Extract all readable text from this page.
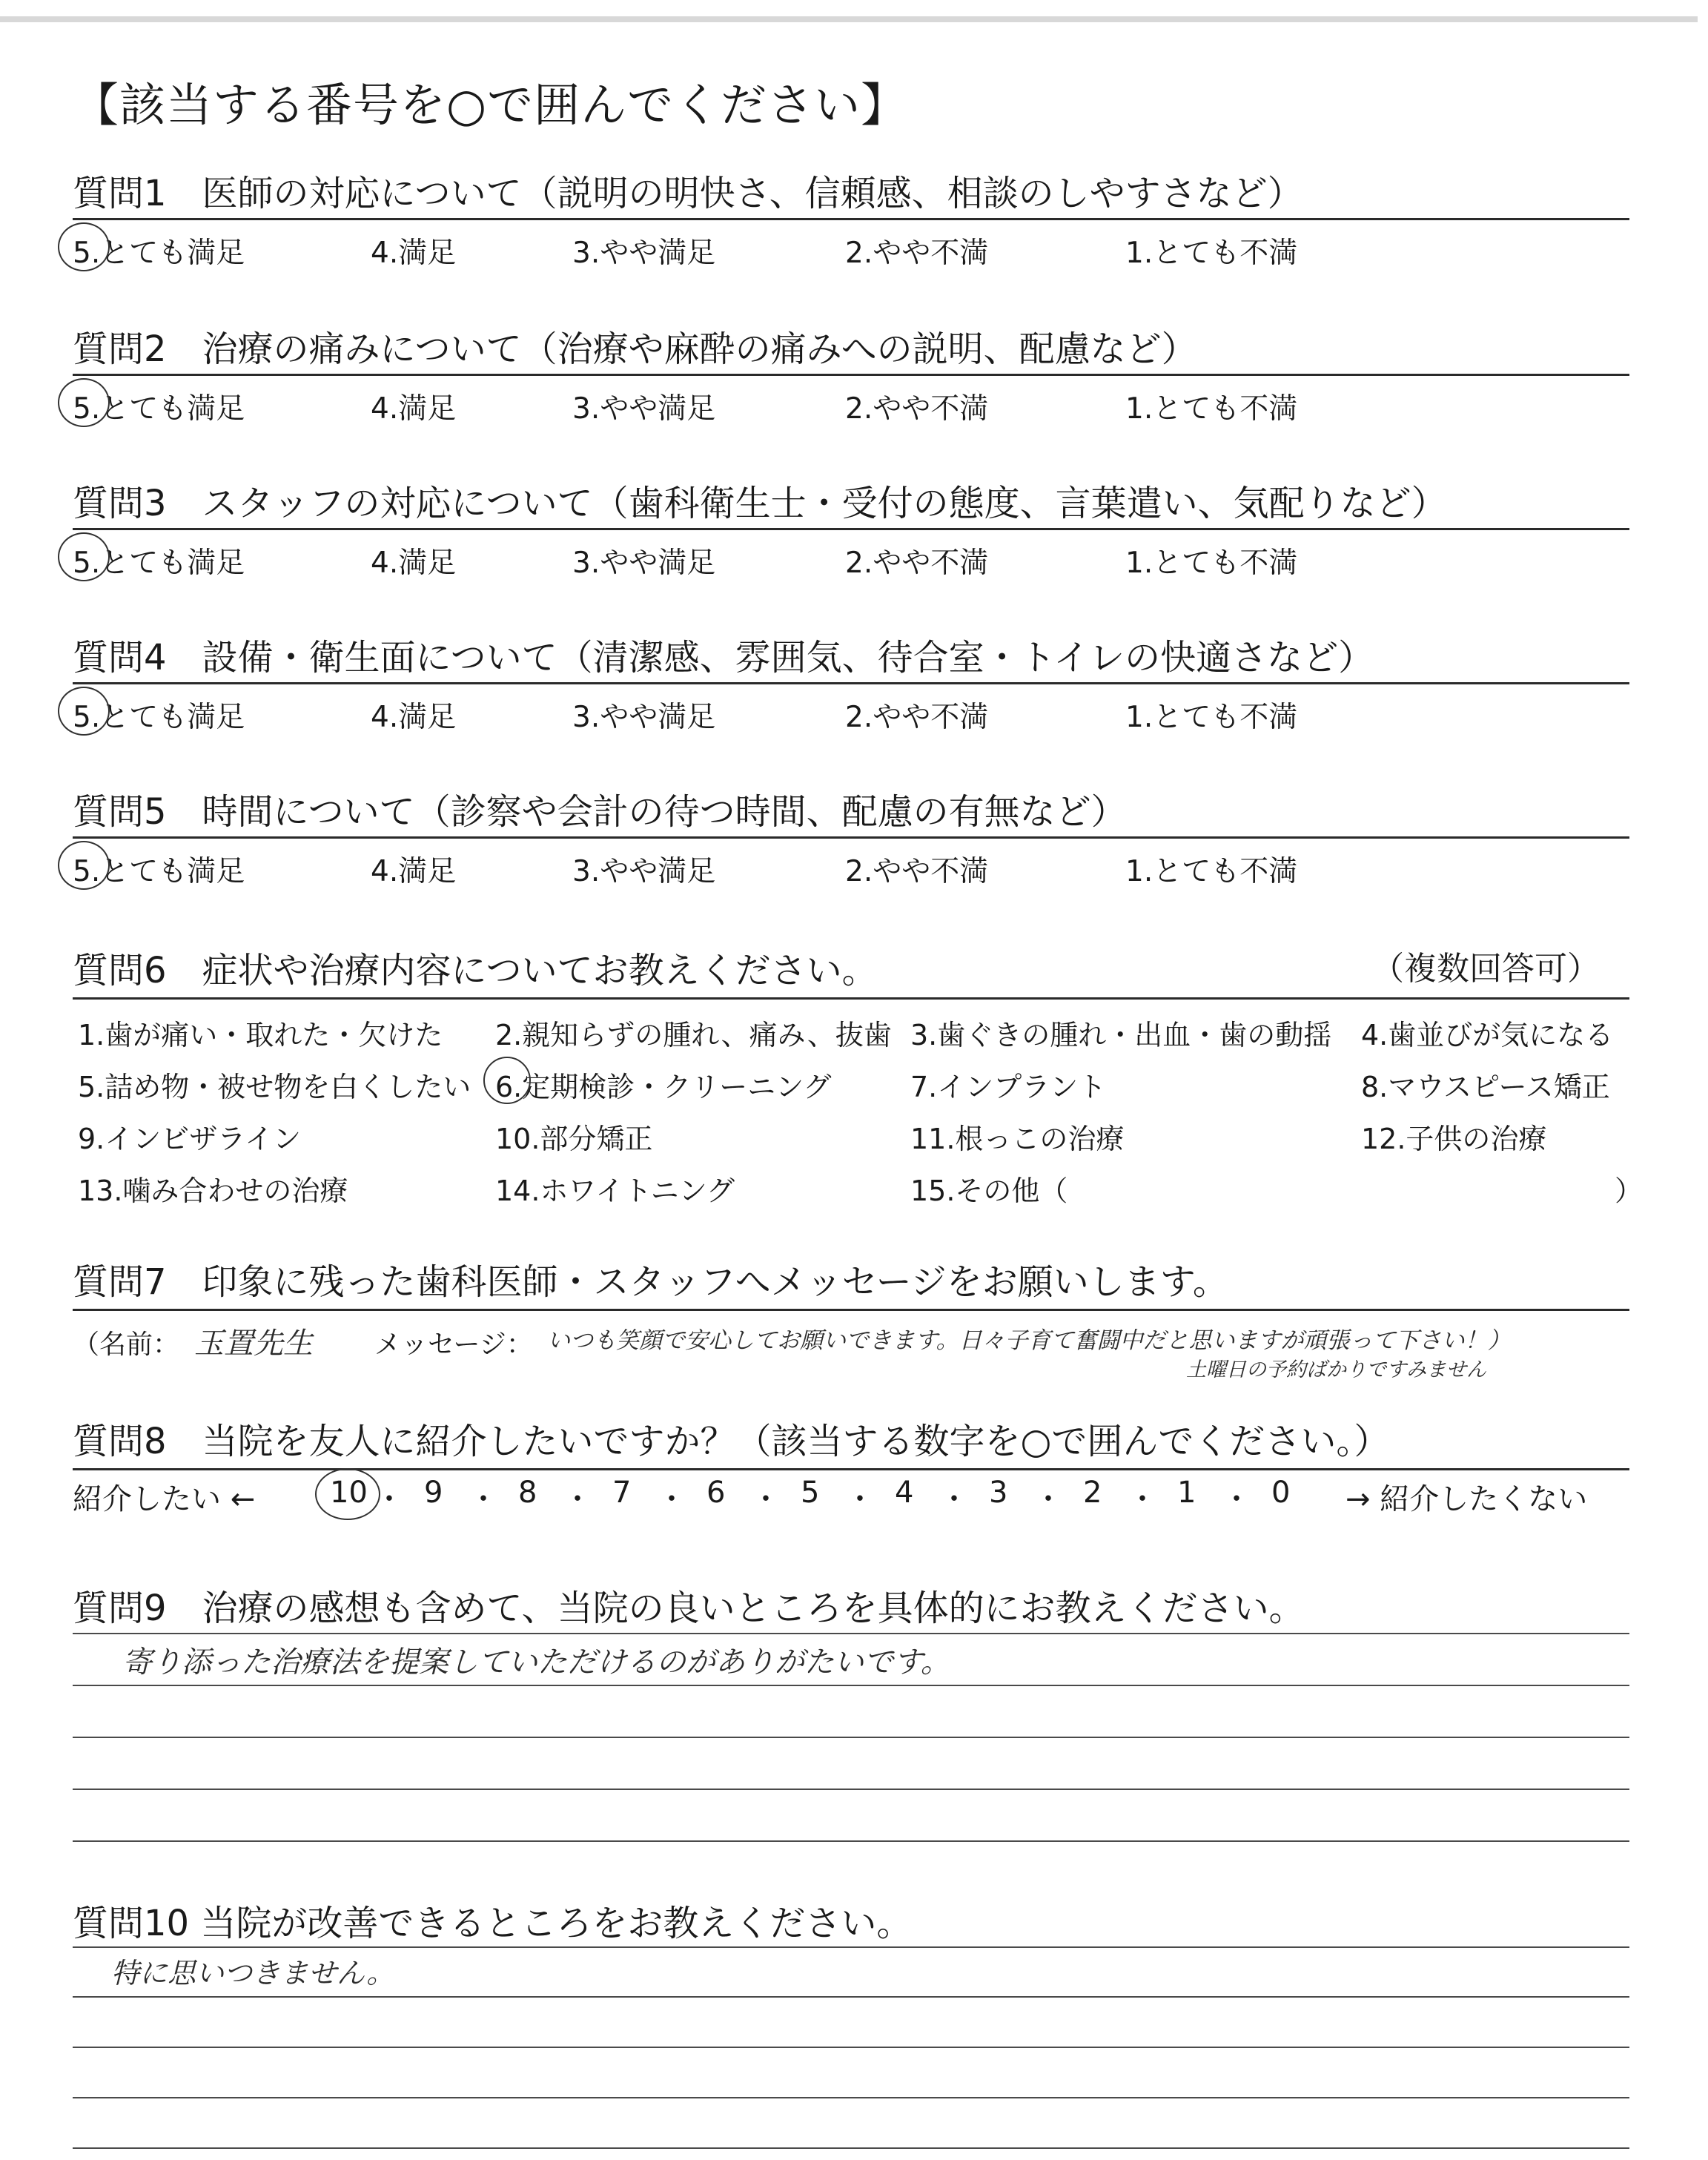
【該当する番号を○で囲んでください】
質問1　医師の対応について（説明の明快さ、信頼感、相談のしやすさなど）
5.とても満足	4.満足	3.やや満足	2.やや不満	1.とても不満
質問2　治療の痛みについて（治療や麻酔の痛みへの説明、配慮など）
5.とても満足	4.満足	3.やや満足	2.やや不満	1.とても不満
質問3　スタッフの対応について（歯科衛生士・受付の態度、言葉遣い、気配りなど）
5.とても満足	4.満足	3.やや満足	2.やや不満	1.とても不満
質問4　設備・衛生面について（清潔感、雰囲気、待合室・トイレの快適さなど）
5.とても満足	4.満足	3.やや満足	2.やや不満	1.とても不満
質問5　時間について（診察や会計の待つ時間、配慮の有無など）
5.とても満足	4.満足	3.やや満足	2.やや不満	1.とても不満
質問6　症状や治療内容についてお教えください。	（複数回答可）
1.歯が痛い・取れた・欠けた 2.親知らずの腫れ、痛み、抜歯 3.歯ぐきの腫れ・出血・歯の動揺 4.歯並びが気になる
5.詰め物・被せ物を白くしたい 6.定期検診・クリーニング	7.インプラント	8.マウスピース矯正
9.インビザライン	10.部分矯正	11.根っこの治療	12.子供の治療
13.噛み合わせの治療	14.ホワイトニング	15.その他（	）
質問7　印象に残った歯科医師・スタッフへメッセージをお願いします。
（名前： 玉置先生 メッセージ： いつも笑顔で安心してお願いできます。日々子育て奮闘中だと思いますが頑張って下さい！）
土曜日の予約ばかりですみません
質問8　当院を友人に紹介したいですか？（該当する数字を○で囲んでください。）
紹介したい ←	10 ・ 9 ・ 8 ・ 7 ・ 6 ・ 5 ・ 4 ・ 3 ・ 2 ・ 1 ・ 0 → 紹介したくない
質問9　治療の感想も含めて、当院の良いところを具体的にお教えください。
寄り添った治療法を提案していただけるのがありがたいです。
質問10 当院が改善できるところをお教えください。
特に思いつきません。
